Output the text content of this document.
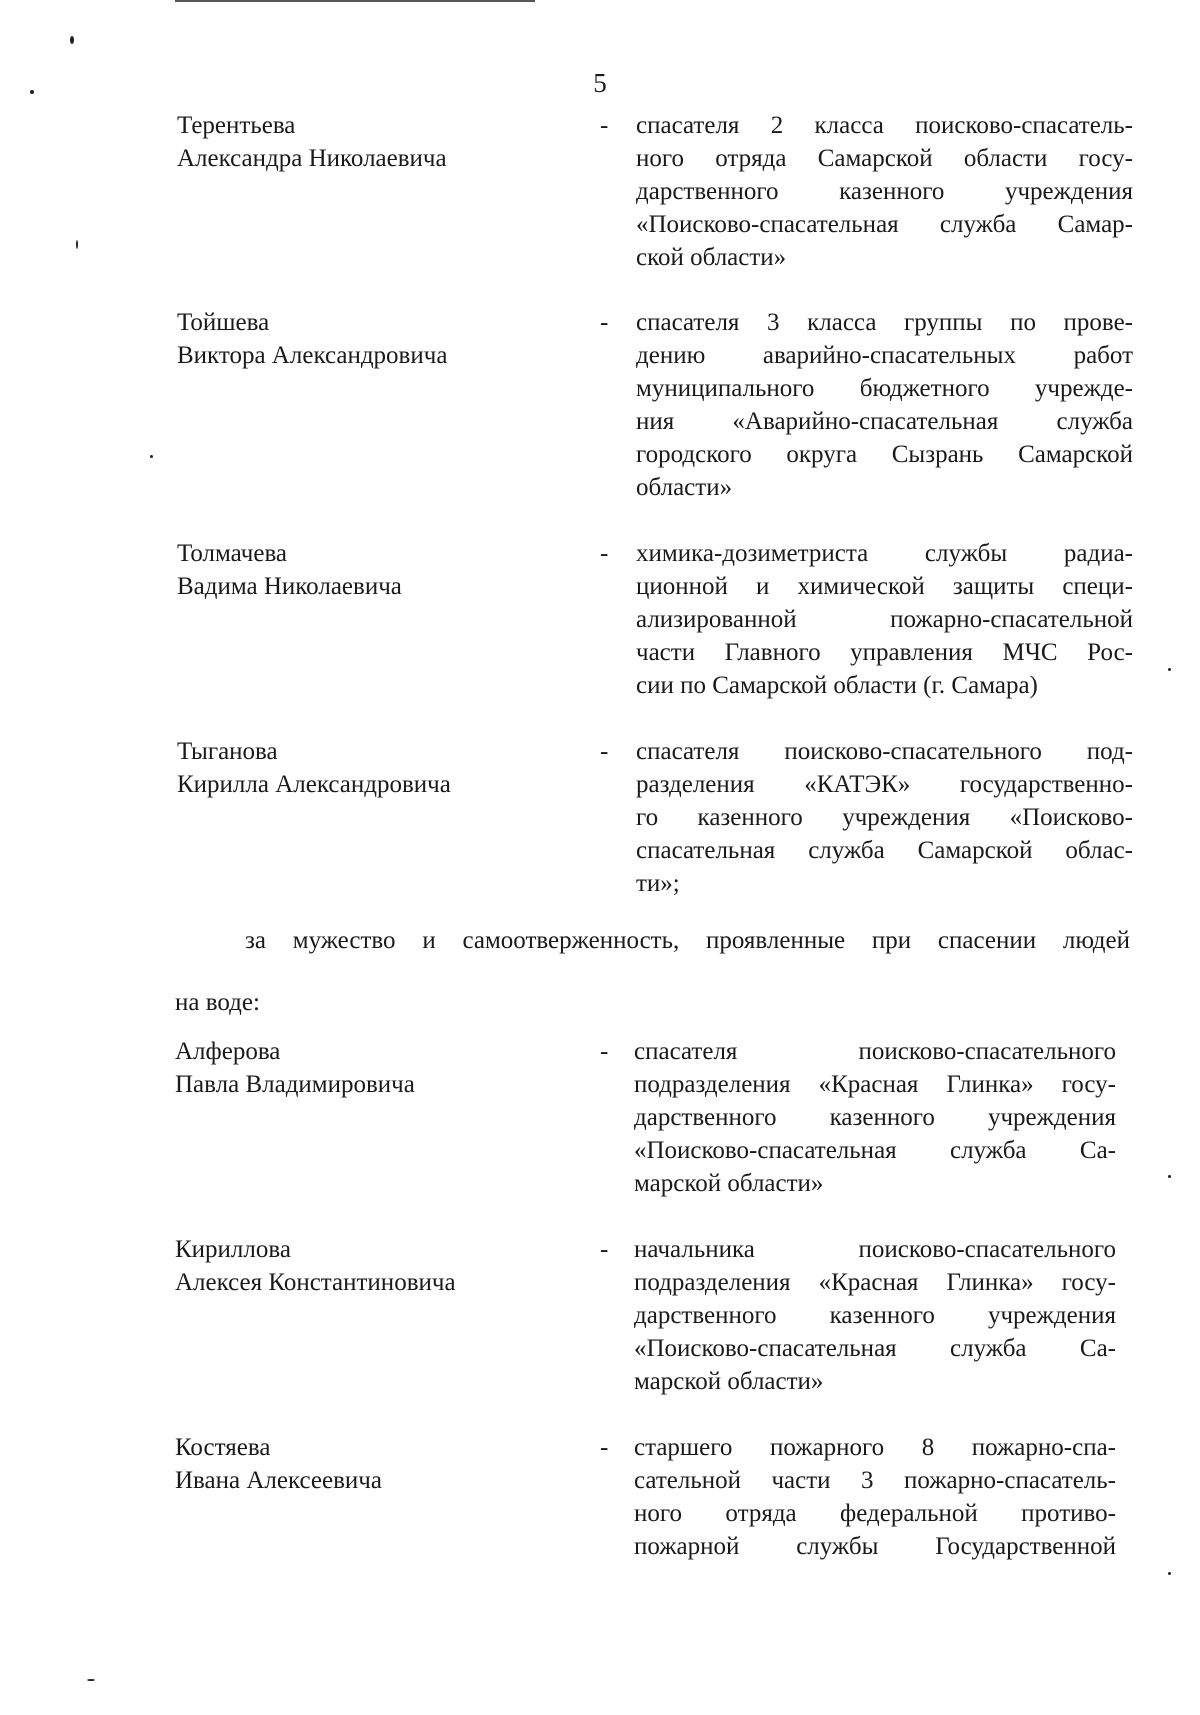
5
Терентьева
Александра Николаевича
- спасателя 2 класса поисково-спасатель-
ного отряда Самарской области госу-
дарственного казенного учреждения
«Поисково-спасательная служба Самар-
ской области»
Тойшева
Виктора Александровича
- спасателя 3 класса группы по прове-
дению аварийно-спасательных работ
муниципального бюджетного учрежде-
ния «Аварийно-спасательная служба
городского округа Сызрань Самарской
области»
Толмачева
Вадима Николаевича
- химика-дозиметриста службы радиа-
ционной и химической защиты специ-
ализированной пожарно-спасательной
части Главного управления МЧС Рос-
сии по Самарской области (г. Самара)
Тыганова
Кирилла Александровича
- спасателя поисково-спасательного под-
разделения «КАТЭК» государственно-
го казенного учреждения «Поисково-
спасательная служба Самарской облас-
ти»;
за мужество и самоотверженность, проявленные при спасении людей
на воде:
Алферова
Павла Владимировича
- спасателя поисково-спасательного
подразделения «Красная Глинка» госу-
дарственного казенного учреждения
«Поисково-спасательная служба Са-
марской области»
Кириллова
Алексея Константиновича
- начальника поисково-спасательного
подразделения «Красная Глинка» госу-
дарственного казенного учреждения
«Поисково-спасательная служба Са-
марской области»
Костяева
Ивана Алексеевича
- старшего пожарного 8 пожарно-спа-
сательной части 3 пожарно-спасатель-
ного отряда федеральной противо-
пожарной службы Государственной
